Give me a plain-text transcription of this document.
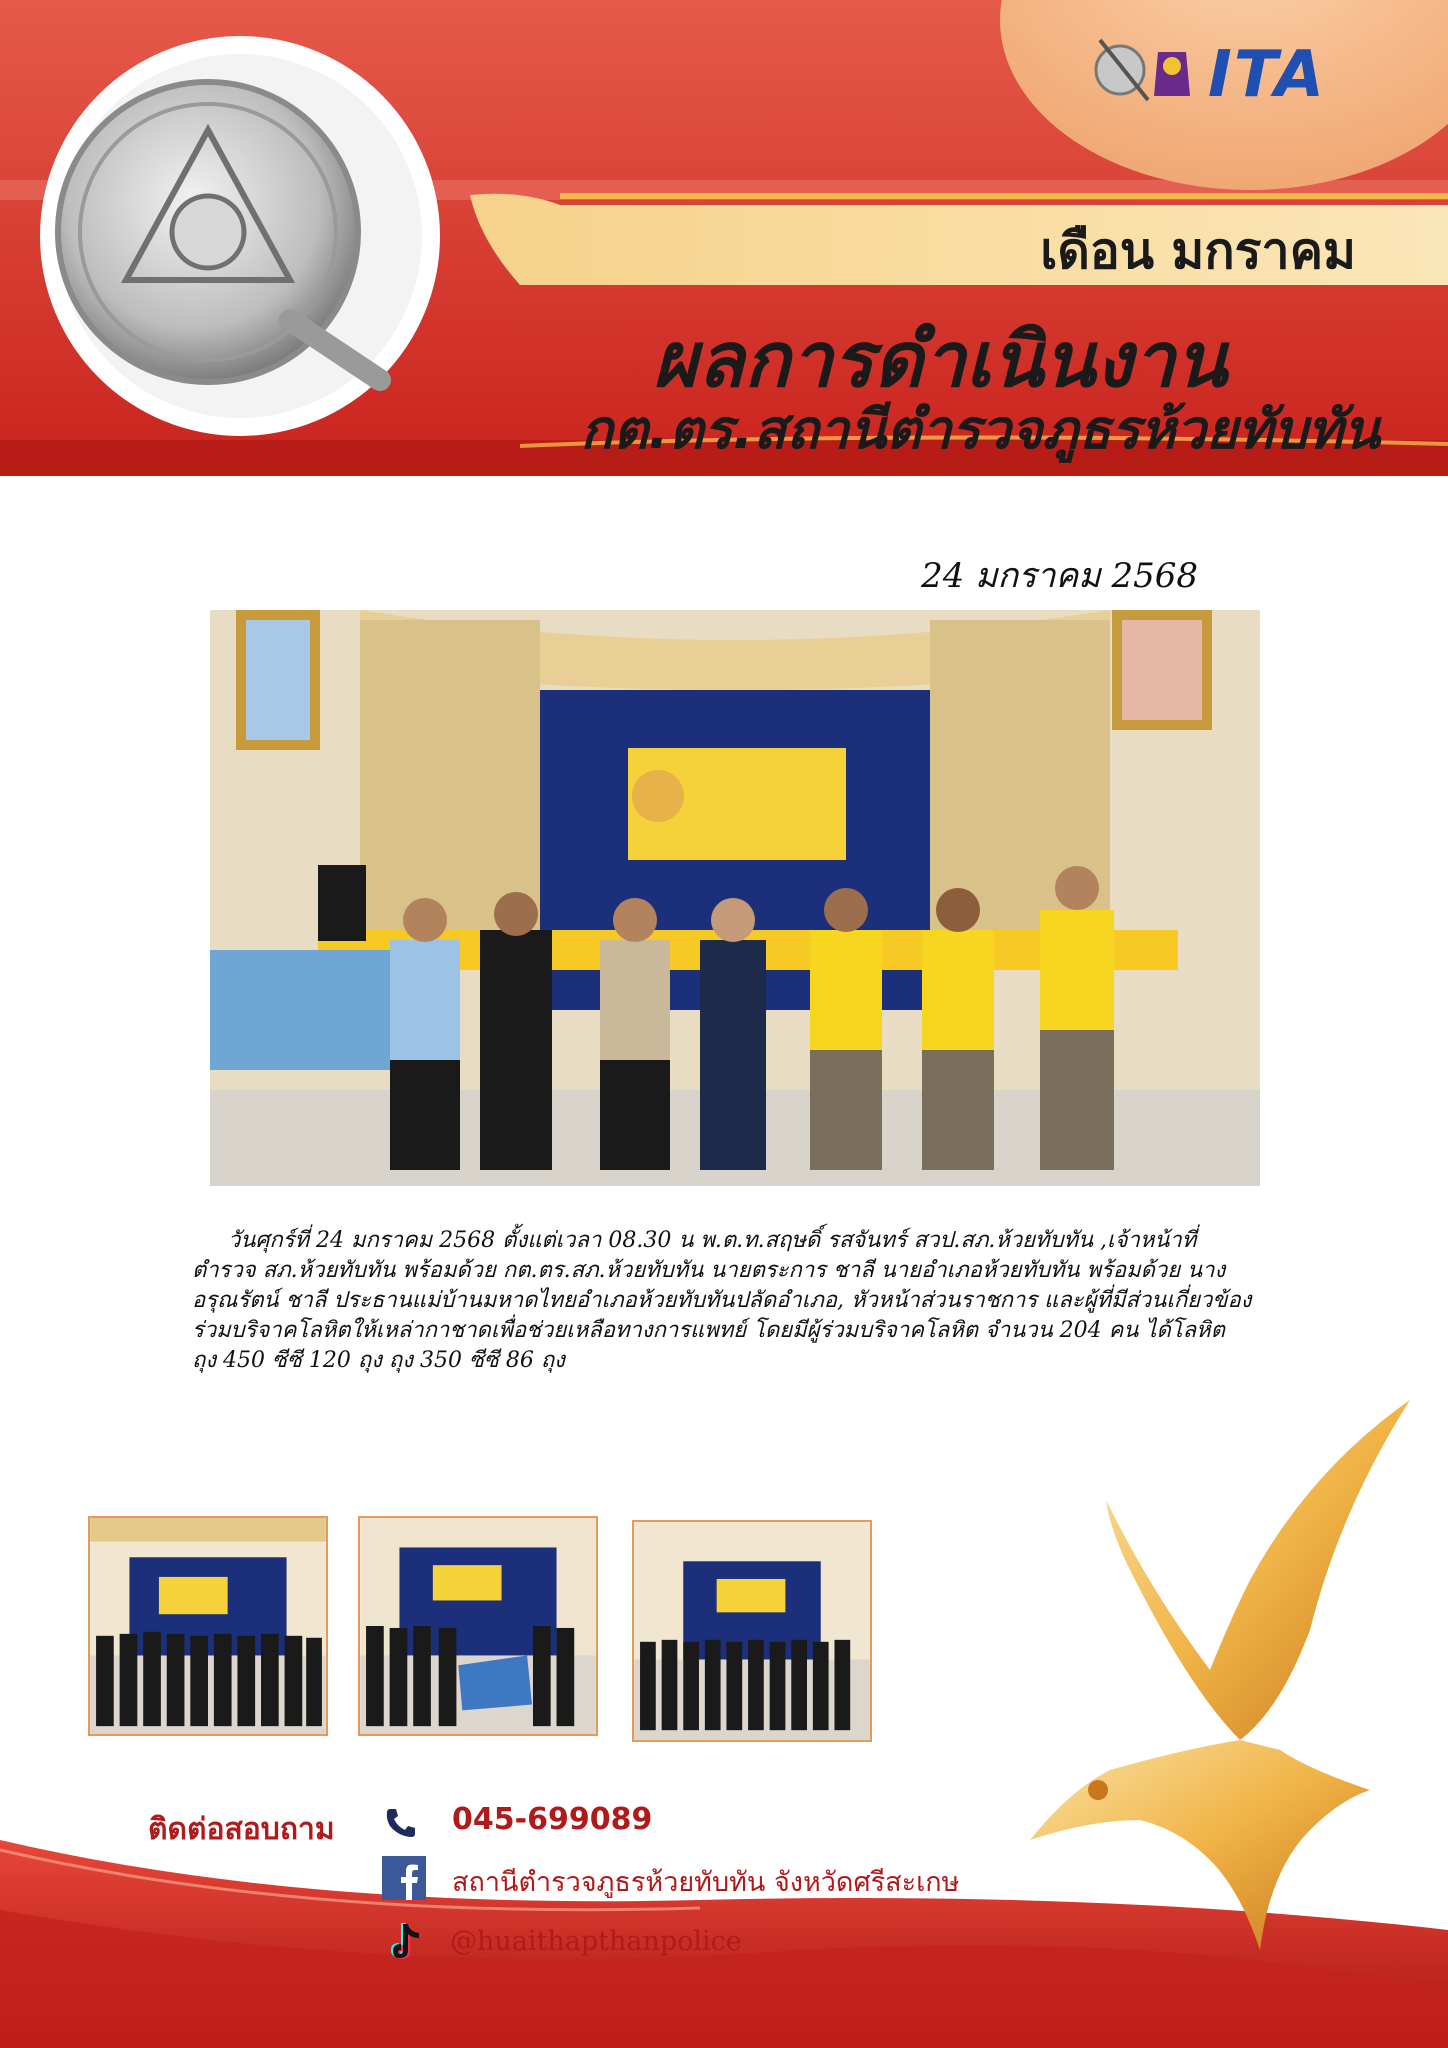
ITA
เดือน มกราคม
ผลการดำเนินงาน
กต.ตร.สถานีตำรวจภูธรห้วยทับทัน
24 มกราคม 2568

วันศุกร์ที่ 24 มกราคม 2568 ตั้งแต่เวลา 08.30 น พ.ต.ท.สฤษดิ์ รสจันทร์ สวป.สภ.ห้วยทับทัน ,เจ้าหน้าที่ตำรวจ สภ.ห้วยทับทัน พร้อมด้วย กต.ตร.สภ.ห้วยทับทัน นายตระการ ชาลี นายอำเภอห้วยทับทัน พร้อมด้วย นางอรุณรัตน์ ชาลี ประธานแม่บ้านมหาดไทยอำเภอห้วยทับทันปลัดอำเภอ, หัวหน้าส่วนราชการ และผู้ที่มีส่วนเกี่ยวข้อง ร่วมบริจาคโลหิตให้เหล่ากาชาดเพื่อช่วยเหลือทางการแพทย์ โดยมีผู้ร่วมบริจาคโลหิต จำนวน 204 คน ได้โลหิต ถุง 450 ซีซี 120 ถุง ถุง 350 ซีซี 86 ถุง

ติดต่อสอบถาม	045-699089
สถานีตำรวจภูธรห้วยทับทัน จังหวัดศรีสะเกษ
@huaithapthanpolice
